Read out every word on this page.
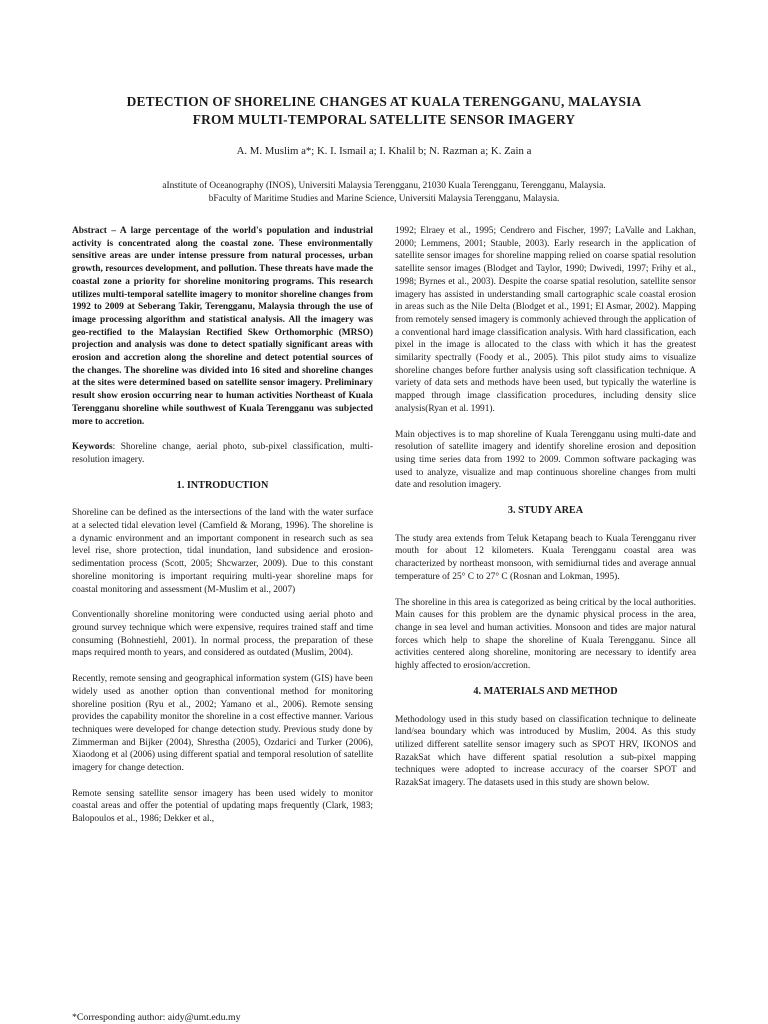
DETECTION OF SHORELINE CHANGES AT KUALA TERENGGANU, MALAYSIA
FROM MULTI-TEMPORAL SATELLITE SENSOR IMAGERY
A. M. Muslim a*; K. I. Ismail a; I. Khalil b; N. Razman a; K. Zain a
aInstitute of Oceanography (INOS), Universiti Malaysia Terengganu, 21030 Kuala Terengganu, Terengganu, Malaysia.
bFaculty of Maritime Studies and Marine Science, Universiti Malaysia Terengganu, Malaysia.

Abstract – A large percentage of the world's population and industrial activity is concentrated along the coastal zone. These environmentally sensitive areas are under intense pressure from natural processes, urban growth, resources development, and pollution. These threats have made the coastal zone a priority for shoreline monitoring programs. This research utilizes multi-temporal satellite imagery to monitor shoreline changes from 1992 to 2009 at Seberang Takir, Terengganu, Malaysia through the use of image processing algorithm and statistical analysis. All the imagery was geo-rectified to the Malaysian Rectified Skew Orthomorphic (MRSO) projection and analysis was done to detect spatially significant areas with erosion and accretion along the shoreline and detect potential sources of the changes. The shoreline was divided into 16 sited and shoreline changes at the sites were determined based on satellite sensor imagery. Preliminary result show erosion occurring near to human activities Northeast of Kuala Terengganu shoreline while southwest of Kuala Terengganu was subjected more to accretion.

Keywords: Shoreline change, aerial photo, sub-pixel classification, multi-resolution imagery.

1. INTRODUCTION

Shoreline can be defined as the intersections of the land with the water surface at a selected tidal elevation level (Camfield & Morang, 1996). The shoreline is a dynamic environment and an important component in research such as sea level rise, shore protection, tidal inundation, land subsidence and erosion-sedimentation process (Scott, 2005; Shcwarzer, 2009). Due to this constant shoreline monitoring is important requiring multi-year shoreline maps for coastal monitoring and assessment (M-Muslim et al., 2007)

Conventionally shoreline monitoring were conducted using aerial photo and ground survey technique which were expensive, requires trained staff and time consuming (Bohnestiehl, 2001). In normal process, the preparation of these maps required month to years, and considered as outdated (Muslim, 2004).

Recently, remote sensing and geographical information system (GIS) have been widely used as another option than conventional method for monitoring shoreline position (Ryu et al., 2002; Yamano et al., 2006). Remote sensing provides the capability monitor the shoreline in a cost effective manner. Various techniques were developed for change detection study. Previous study done by Zimmerman and Bijker (2004), Shrestha (2005), Ozdarici and Turker (2006), Xiaodong et al (2006) using different spatial and temporal resolution of satellite imagery for change detection.

Remote sensing satellite sensor imagery has been used widely to monitor coastal areas and offer the potential of updating maps frequently (Clark, 1983; Balopoulos et al., 1986; Dekker et al.,

1992; Elraey et al., 1995; Cendrero and Fischer, 1997; LaValle and Lakhan, 2000; Lemmens, 2001; Stauble, 2003). Early research in the application of satellite sensor images for shoreline mapping relied on coarse spatial resolution satellite sensor images (Blodget and Taylor, 1990; Dwivedi, 1997; Frihy et al., 1998; Byrnes et al., 2003). Despite the coarse spatial resolution, satellite sensor imagery has assisted in understanding small cartographic scale coastal erosion in areas such as the Nile Delta (Blodget et al., 1991; El Asmar, 2002). Mapping from remotely sensed imagery is commonly achieved through the application of a conventional hard image classification analysis. With hard classification, each pixel in the image is allocated to the class with which it has the greatest similarity spectrally (Foody et al., 2005). This pilot study aims to visualize shoreline changes before further analysis using soft classification technique. A variety of data sets and methods have been used, but typically the waterline is mapped through image classification procedures, including density slice analysis(Ryan et al. 1991).

Main objectives is to map shoreline of Kuala Terengganu using multi-date and resolution of satellite imagery and identify shoreline erosion and deposition using time series data from 1992 to 2009. Common software packaging was used to analyze, visualize and map continuous shoreline changes from multi date and resolution imagery.

3. STUDY AREA

The study area extends from Teluk Ketapang beach to Kuala Terengganu river mouth for about 12 kilometers. Kuala Terengganu coastal area was characterized by northeast monsoon, with semidiurnal tides and average annual temperature of 25° C to 27° C (Rosnan and Lokman, 1995).

The shoreline in this area is categorized as being critical by the local authorities. Main causes for this problem are the dynamic physical process in the area, change in sea level and human activities. Monsoon and tides are major natural forces which help to shape the shoreline of Kuala Terengganu. Since all activities centered along shoreline, monitoring are necessary to identify area highly affected to erosion/accretion.

4. MATERIALS AND METHOD

Methodology used in this study based on classification technique to delineate land/sea boundary which was introduced by Muslim, 2004. As this study utilized different satellite sensor imagery such as SPOT HRV, IKONOS and RazakSat which have different spatial resolution a sub-pixel mapping techniques were adopted to increase accuracy of the coarser SPOT and RazakSat imagery. The datasets used in this study are shown below.

*Corresponding author: aidy@umt.edu.my
